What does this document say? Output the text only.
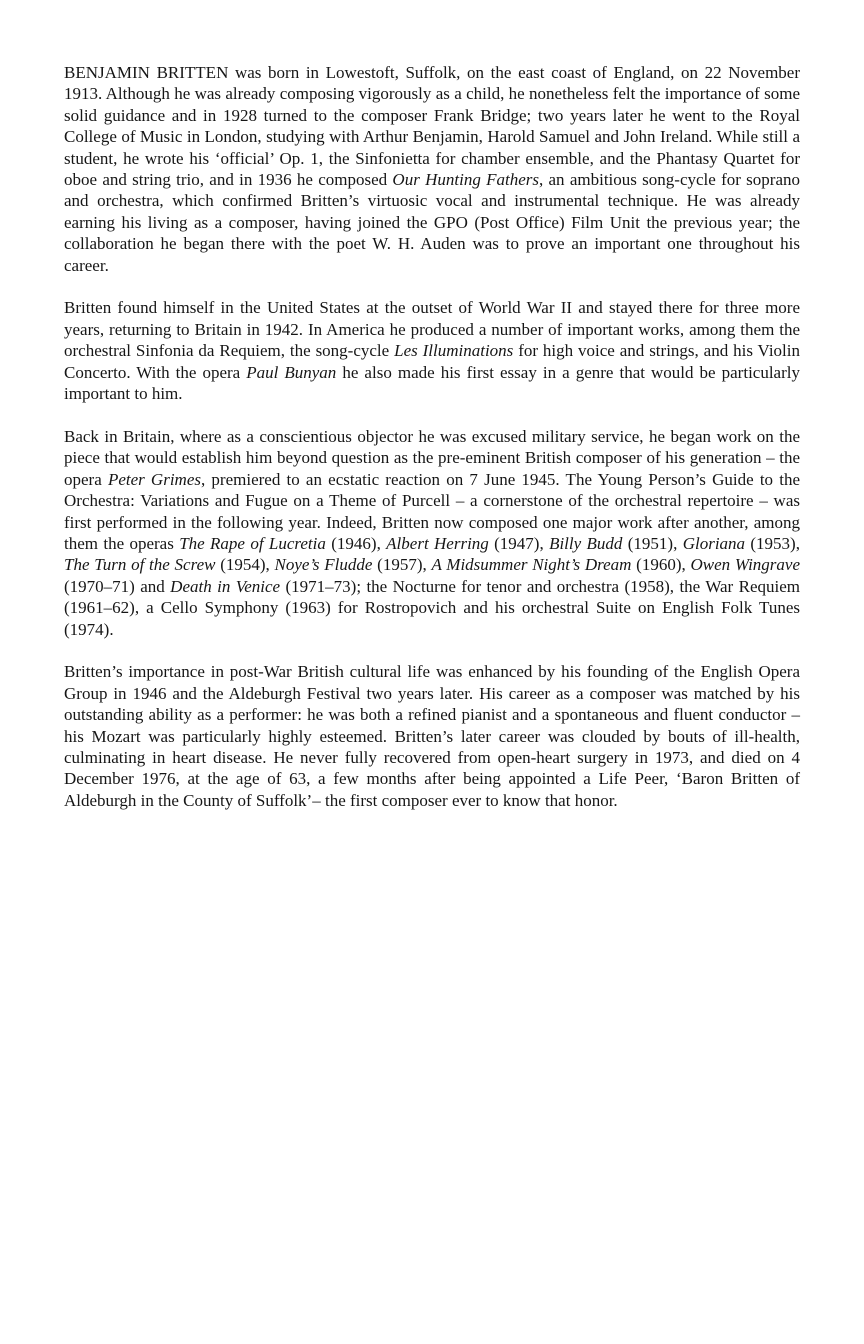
BENJAMIN BRITTEN was born in Lowestoft, Suffolk, on the east coast of England, on 22 November 1913. Although he was already composing vigorously as a child, he nonetheless felt the importance of some solid guidance and in 1928 turned to the composer Frank Bridge; two years later he went to the Royal College of Music in London, studying with Arthur Benjamin, Harold Samuel and John Ireland. While still a student, he wrote his ‘official’ Op. 1, the Sinfonietta for chamber ensemble, and the Phantasy Quartet for oboe and string trio, and in 1936 he composed Our Hunting Fathers, an ambitious song-cycle for soprano and orchestra, which confirmed Britten’s virtuosic vocal and instrumental technique. He was already earning his living as a composer, having joined the GPO (Post Office) Film Unit the previous year; the collaboration he began there with the poet W. H. Auden was to prove an important one throughout his career.

Britten found himself in the United States at the outset of World War II and stayed there for three more years, returning to Britain in 1942. In America he produced a number of important works, among them the orchestral Sinfonia da Requiem, the song-cycle Les Illuminations for high voice and strings, and his Violin Concerto. With the opera Paul Bunyan he also made his first essay in a genre that would be particularly important to him.

Back in Britain, where as a conscientious objector he was excused military service, he began work on the piece that would establish him beyond question as the pre-eminent British composer of his generation – the opera Peter Grimes, premiered to an ecstatic reaction on 7 June 1945. The Young Person’s Guide to the Orchestra: Variations and Fugue on a Theme of Purcell – a cornerstone of the orchestral repertoire – was first performed in the following year. Indeed, Britten now composed one major work after another, among them the operas The Rape of Lucretia (1946), Albert Herring (1947), Billy Budd (1951), Gloriana (1953), The Turn of the Screw (1954), Noye’s Fludde (1957), A Midsummer Night’s Dream (1960), Owen Wingrave (1970–71) and Death in Venice (1971–73); the Nocturne for tenor and orchestra (1958), the War Requiem (1961–62), a Cello Symphony (1963) for Rostropovich and his orchestral Suite on English Folk Tunes (1974).

Britten’s importance in post-War British cultural life was enhanced by his founding of the English Opera Group in 1946 and the Aldeburgh Festival two years later. His career as a composer was matched by his outstanding ability as a performer: he was both a refined pianist and a spontaneous and fluent conductor – his Mozart was particularly highly esteemed. Britten’s later career was clouded by bouts of ill-health, culminating in heart disease. He never fully recovered from open-heart surgery in 1973, and died on 4 December 1976, at the age of 63, a few months after being appointed a Life Peer, ‘Baron Britten of Aldeburgh in the County of Suffolk’– the first composer ever to know that honor.
